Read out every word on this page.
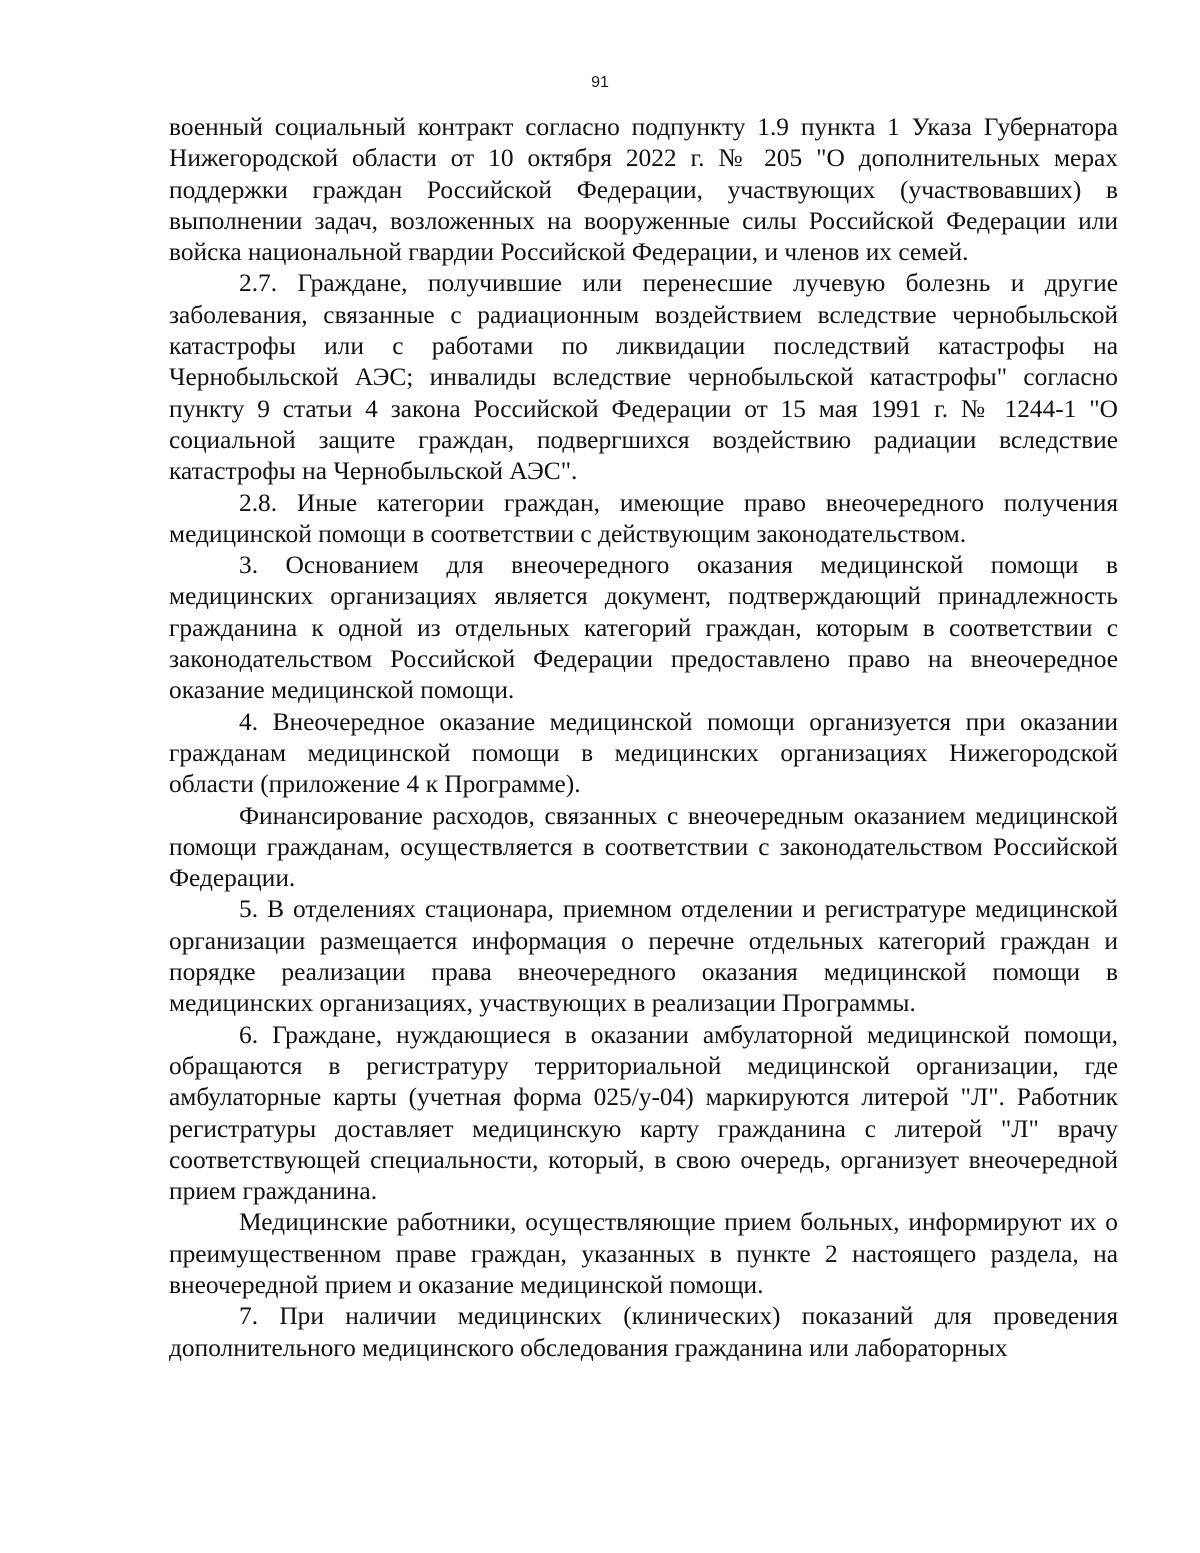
91

военный социальный контракт согласно подпункту 1.9 пункта 1 Указа Губернатора Нижегородской области от 10 октября 2022 г. № 205 "О дополнительных мерах поддержки граждан Российской Федерации, участвующих (участвовавших) в выполнении задач, возложенных на вооруженные силы Российской Федерации или войска национальной гвардии Российской Федерации, и членов их семей.

2.7. Граждане, получившие или перенесшие лучевую болезнь и другие заболевания, связанные с радиационным воздействием вследствие чернобыльской катастрофы или с работами по ликвидации последствий катастрофы на Чернобыльской АЭС; инвалиды вследствие чернобыльской катастрофы" согласно пункту 9 статьи 4 закона Российской Федерации от 15 мая 1991 г. № 1244-1 "О социальной защите граждан, подвергшихся воздействию радиации вследствие катастрофы на Чернобыльской АЭС".

2.8. Иные категории граждан, имеющие право внеочередного получения медицинской помощи в соответствии с действующим законодательством.

3. Основанием для внеочередного оказания медицинской помощи в медицинских организациях является документ, подтверждающий принадлежность гражданина к одной из отдельных категорий граждан, которым в соответствии с законодательством Российской Федерации предоставлено право на внеочередное оказание медицинской помощи.

4. Внеочередное оказание медицинской помощи организуется при оказании гражданам медицинской помощи в медицинских организациях Нижегородской области (приложение 4 к Программе).

Финансирование расходов, связанных с внеочередным оказанием медицинской помощи гражданам, осуществляется в соответствии с законодательством Российской Федерации.

5. В отделениях стационара, приемном отделении и регистратуре медицинской организации размещается информация о перечне отдельных категорий граждан и порядке реализации права внеочередного оказания медицинской помощи в медицинских организациях, участвующих в реализации Программы.

6. Граждане, нуждающиеся в оказании амбулаторной медицинской помощи, обращаются в регистратуру территориальной медицинской организации, где амбулаторные карты (учетная форма 025/у-04) маркируются литерой "Л". Работник регистратуры доставляет медицинскую карту гражданина с литерой "Л" врачу соответствующей специальности, который, в свою очередь, организует внеочередной прием гражданина.

Медицинские работники, осуществляющие прием больных, информируют их о преимущественном праве граждан, указанных в пункте 2 настоящего раздела, на внеочередной прием и оказание медицинской помощи.

7. При наличии медицинских (клинических) показаний для проведения дополнительного медицинского обследования гражданина или лабораторных
